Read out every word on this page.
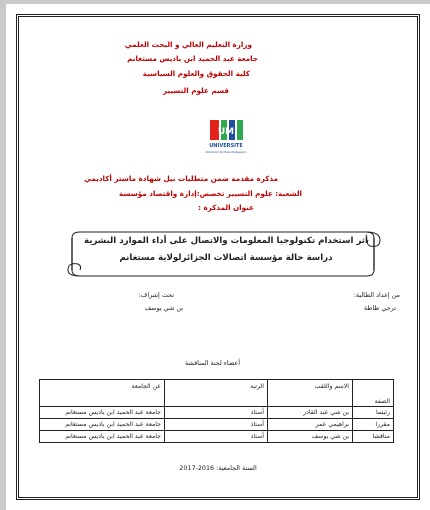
وزارة التعليم العالي و البحث العلمي
جامعة عبد الحميد ابن باديس مستغانم
كلية الحقوق والعلوم السياسية
قسم علوم التسيير
UM
UNIVERSITE
Abdelhamid Ibn Badis Mostaganem
مذكرة مقدمة ضمن متطلبات نيل شهادة ماستر أكاديمي
الشعبة: علوم التسيير تخصص:إدارة واقتصاد مؤسسة
عنوان المذكرة :
أثر استخدام تكنولوجيا المعلومات والاتصال على أداء الموارد البشرية
دراسة حالة مؤسسة اتصالات الجزائرلولاية مستغانم
من إعداد الطالبة:
ترجي طاطة
تحت إشراف:
بن شي يوسف
أعضاء لجنة المناقشة
الصفة	الاسم واللقب	الرتبة	عن الجامعة
رئيسا	بن شي عبد القادر	أستاذ	جامعة عبد الحميد ابن باديس مستغانم
مقررا	براهيمي عمر	أستاذ	جامعة عبد الحميد ابن باديس مستغانم
مناقشا	بن شي يوسف	أستاذ	جامعة عبد الحميد ابن باديس مستغانم
السنة الجامعية: 2016-2017
